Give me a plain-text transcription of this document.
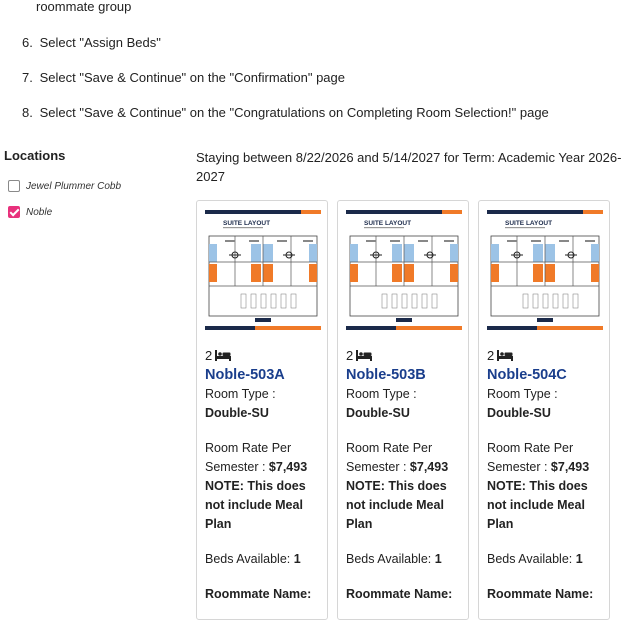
roommate group
6. Select "Assign Beds"
7. Select "Save & Continue" on the "Confirmation" page
8. Select "Save & Continue" on the "Congratulations on Completing Room Selection!" page
Locations
Jewel Plummer Cobb
Noble
Staying between 8/22/2026 and 5/14/2027 for Term: Academic Year 2026-2027
SUITE LAYOUT
2
Noble-503A
Room Type :
Double-SU
Room Rate Per Semester : $7,493
NOTE: This does not include Meal Plan
Beds Available: 1
Roommate Name:
SUITE LAYOUT
2
Noble-503B
Room Type :
Double-SU
Room Rate Per Semester : $7,493
NOTE: This does not include Meal Plan
Beds Available: 1
Roommate Name:
SUITE LAYOUT
2
Noble-504C
Room Type :
Double-SU
Room Rate Per Semester : $7,493
NOTE: This does not include Meal Plan
Beds Available: 1
Roommate Name:
